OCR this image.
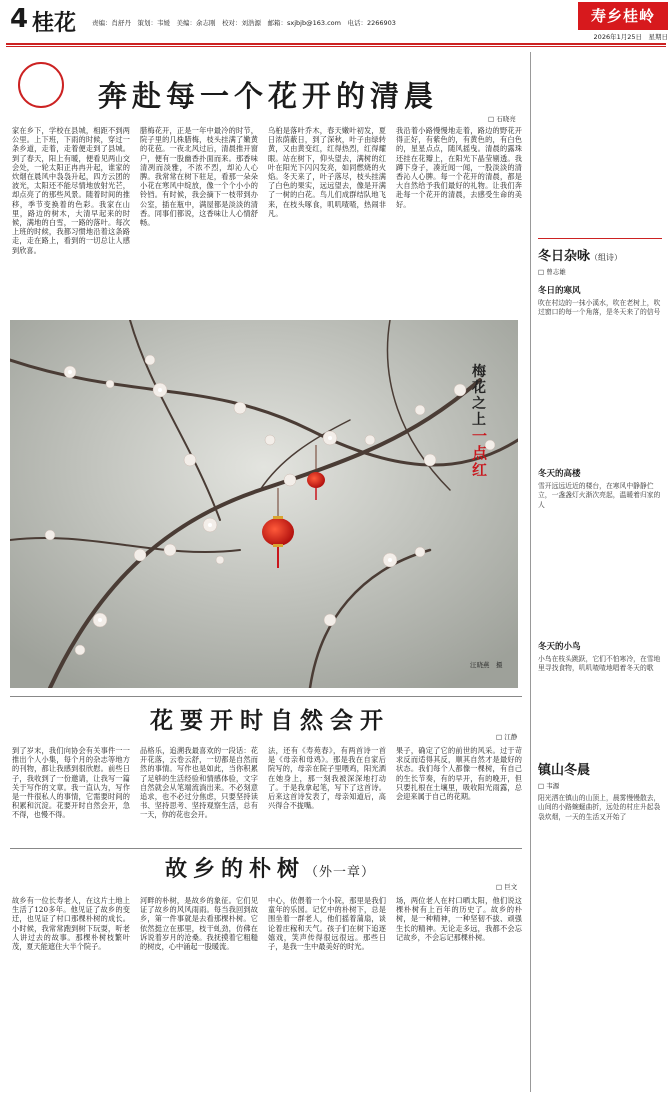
4 桂花 责编：肖舒丹　策划：韦媛　美编：余志刚　校对：刘浩源　邮箱：sxjbjb@163.com　电话：2266903	寿乡桂岭
2026年1月25日　星期日
奔赴每一个花开的清晨
□ 石晓亮
家在乡下，学校在县城，相距不到两公里。上下班，下雨的时候，穿过一条乡道，走着，走着便走到了县城。到了春天，阳上有暖，便看见两山交会处，一轮太阳正冉冉升起，谁家的炊烟在晨风中袅袅升起，四方云团的波光，太阳还不能尽情地放射光芒，却点亮了的那些风景。随着时间的推移，季节变换着的色彩。我家在山里，路边的树木，大清早起来的时候，满地的白雪，一路的落叶。每次上班的时候，我都习惯地沿着这条路走，走在路上，看到的一切总让人感到欣喜。
腊梅花开，正是一年中最冷的时节，院子里的几株腊梅，枝头挂满了嫩黄的花苞。一夜北风过后，清晨推开窗户，便有一股幽香扑面而来。那香味清冽而淡雅，不浓不烈，却沁人心脾。我常常在树下驻足，看那一朵朵小花在寒风中绽放，像一个个小小的铃铛。有时候，我会摘下一枝带到办公室，插在瓶中，满屋都是淡淡的清香。同事们都说，这香味让人心情舒畅。
乌桕是落叶乔木，春天嫩叶初发，夏日浓荫蔽日，到了深秋，叶子由绿转黄，又由黄变红，红得热烈，红得耀眼。站在树下，仰头望去，满树的红叶在阳光下闪闪发亮，如同燃烧的火焰。冬天来了，叶子落尽，枝头挂满了白色的果实，远远望去，像是开满了一树的白花。鸟儿们成群结队地飞来，在枝头啄食，叽叽喳喳，热闹非凡。
我沿着小路慢慢地走着，路边的野花开得正好，有紫色的，有黄色的，有白色的，星星点点，随风摇曳。清晨的露珠还挂在花瓣上，在阳光下晶莹剔透。我蹲下身子，凑近闻一闻，一股淡淡的清香沁人心脾。每一个花开的清晨，都是大自然给予我们最好的礼物。让我们奔赴每一个花开的清晨，去感受生命的美好。
梅花之上
一点红
汪晓燕　摄
花要开时自然会开
□ 江静
到了岁末，我们向协会有关事件一一推出个人小集，每个月的杂志等地方的刊物，都让我感到很欣慰。前些日子，我收到了一份邀请，让我写一篇关于写作的文章。我一直认为，写作是一件很私人的事情，它需要时间的积累和沉淀。花要开时自然会开，急不得，也慢不得。
品格乐，追溯我最喜欢的一段话：花开花落，云卷云舒，一切都是自然而然的事情。写作也是如此，当你积累了足够的生活经验和情感体验，文字自然就会从笔端流淌出来。不必刻意追求，也不必过分焦虑，只要坚持读书、坚持思考、坚持观察生活，总有一天，你的花也会开。
法，还有《寿苑春》，有两首诗一首是《母亲和母鸡》。那是我在自家后院写的，母亲在院子里喂鸡，阳光洒在她身上，那一刻我被深深地打动了。于是我拿起笔，写下了这首诗。后来这首诗发表了，母亲知道后，高兴得合不拢嘴。
果子，确定了它的前世的风采。过于苛求反而适得其反，顺其自然才是最好的状态。我们每个人都像一棵树，有自己的生长节奏，有的早开，有的晚开，但只要扎根在土壤里，吸收阳光雨露，总会迎来属于自己的花期。
故乡的朴树（外一章）
□ 巨文
故乡有一位长寿老人，在这片土地上生活了120多年。他见证了故乡的变迁，也见证了村口那棵朴树的成长。小时候，我常常跑到树下玩耍，听老人讲过去的故事。那棵朴树枝繁叶茂，夏天能遮住大半个院子。
河畔的朴树，是故乡的象征。它们见证了故乡的风风雨雨。每当我回到故乡，第一件事就是去看那棵朴树。它依然挺立在那里，枝干虬劲，仿佛在诉说着岁月的沧桑。我抚摸着它粗糙的树皮，心中涌起一股暖流。
中心，依偎着一个小院，那里是我们童年的乐园。记忆中的朴树下，总是围坐着一群老人，他们摇着蒲扇，谈论着庄稼和天气。孩子们在树下追逐嬉戏，笑声传得很远很远。那些日子，是我一生中最美好的时光。
场，两位老人在村口晒太阳，他们说这棵朴树有上百年的历史了。故乡的朴树，是一种精神，一种坚韧不拔、顽强生长的精神。无论走多远，我都不会忘记故乡，不会忘记那棵朴树。
冬日杂咏（组诗）
□ 曾志雄
冬日的寒风
吹在村边的一抹小溪水，吹在老树上，吹过窗口的每一个角落，是冬天来了的信号
冬天的高楼
雪开远远近近的楼台，在寒风中静静伫立，一盏盏灯火渐次亮起，温暖着归家的人
冬天的小鸟
小鸟在枝头跳跃，它们不怕寒冷，在雪地里寻找食物，叽叽喳喳地唱着冬天的歌
镇山冬晨
□ 韦源
阳光洒在镇山的山顶上，晨雾慢慢散去，山间的小路蜿蜒曲折，远处的村庄升起袅袅炊烟，一天的生活又开始了
